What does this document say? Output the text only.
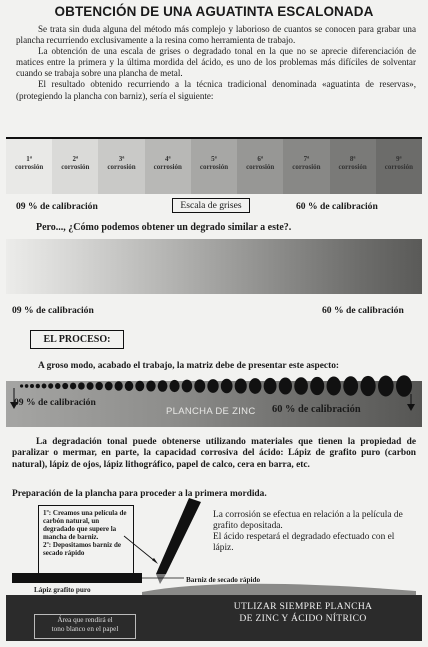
OBTENCIÓN DE UNA AGUATINTA ESCALONADA

Se trata sin duda alguna del método más complejo y laborioso de cuantos se conocen para grabar una plancha recurriendo exclusivamente a la resina como herramienta de trabajo.

La obtención de una escala de grises o degradado tonal en la que no se aprecie diferenciación de matices entre la primera y la última mordida del ácido, es uno de los problemas más difíciles de solventar cuando se trabaja sobre una plancha de metal.

El resultado obtenido recurriendo a la técnica tradicional denominada «aguatinta de reservas», (protegiendo la plancha con barniz), sería el siguiente:

1ª
corrosión
2ª
corrosión
3ª
corrosión
4ª
corrosión
5ª
corrosión
6ª
corrosión
7ª
corrosión
8ª
corrosión
9ª
corrosión
09 % de calibración	Escala de grises	60 % de calibración
Pero..., ¿Cómo podemos obtener un degrado similar a este?.
09 % de calibración	60 % de calibración
EL PROCESO:
A groso modo, acabado el trabajo, la matriz debe de presentar este aspecto:
09 % de calibración
PLANCHA DE ZINC 60 % de calibración
La degradación tonal puede obtenerse utilizando materiales que tienen la propiedad de paralizar o mermar, en parte, la capacidad corrosiva del ácido: Lápiz de grafito puro (carbon natural), lápiz de ojos, lápiz lithográfico, papel de calco, cera en barra, etc.
Preparación de la plancha para proceder a la primera mordida.

1º: Creamos una película de carbón natural, un degradado que supere la mancha de barniz.

2º: Depositamos barniz de secado rápido

La corrosión se efectua en relación a la película de grafito depositada.

El ácido respetará el degradado efectuado con el lápiz.

Barniz de secado rápido
Lápiz grafito puro
UTLIZAR SIEMPRE PLANCHA
DE ZINC Y ÁCIDO NÍTRICO
Área que rendirá el
tono blanco en el papel
